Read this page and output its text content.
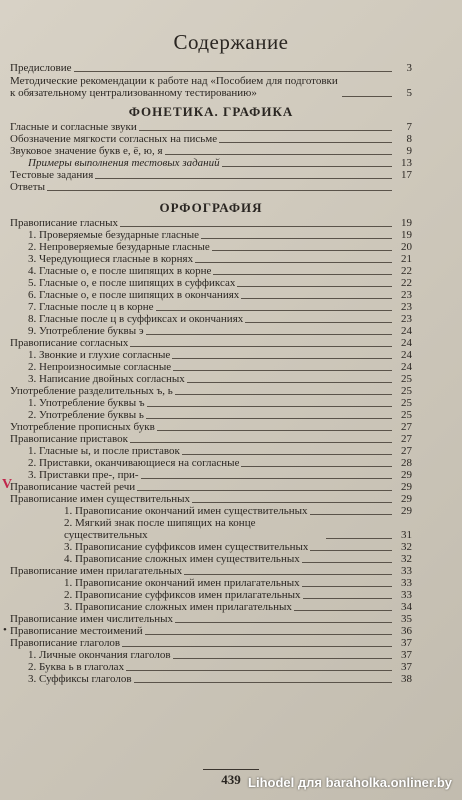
Содержание
Предисловие	3
Методические рекомендации к работе над «Пособием для подготовки к обязательному централизованному тестированию»	5
ФОНЕТИКА. ГРАФИКА
Гласные и согласные звуки	7
Обозначение мягкости согласных на письме	8
Звуковое значение букв е, ё, ю, я	9
Примеры выполнения тестовых заданий	13
Тестовые задания	17
Ответы
ОРФОГРАФИЯ
Правописание гласных	19
1. Проверяемые безударные гласные	19
2. Непроверяемые безударные гласные	20
3. Чередующиеся гласные в корнях	21
4. Гласные о, е после шипящих в корне	22
5. Гласные о, е после шипящих в суффиксах	22
6. Гласные о, е после шипящих в окончаниях	23
7. Гласные после ц в корне	23
8. Гласные после ц в суффиксах и окончаниях	23
9. Употребление буквы э	24
Правописание согласных	24
1. Звонкие и глухие согласные	24
2. Непроизносимые согласные	24
3. Написание двойных согласных	25
Употребление разделительных ъ, ь	25
1. Употребление буквы ъ	25
2. Употребление буквы ь	25
Употребление прописных букв	27
Правописание приставок	27
1. Гласные ы, и после приставок	27
2. Приставки, оканчивающиеся на согласные	28
3. Приставки пре-, при-	29
V
Правописание частей речи	29
Правописание имен существительных	29
1. Правописание окончаний имен существительных	29
2. Мягкий знак после шипящих на конце существительных	31
3. Правописание суффиксов имен существительных	32
4. Правописание сложных имен существительных	32
Правописание имен прилагательных	33
1. Правописание окончаний имен прилагательных	33
2. Правописание суффиксов имен прилагательных	33
3. Правописание сложных имен прилагательных	34
Правописание имен числительных	35
• Правописание местоимений	36
Правописание глаголов	37
1. Личные окончания глаголов	37
2. Буква ь в глаголах	37
3. Суффиксы глаголов	38
439 Lihodel для baraholka.onliner.by
